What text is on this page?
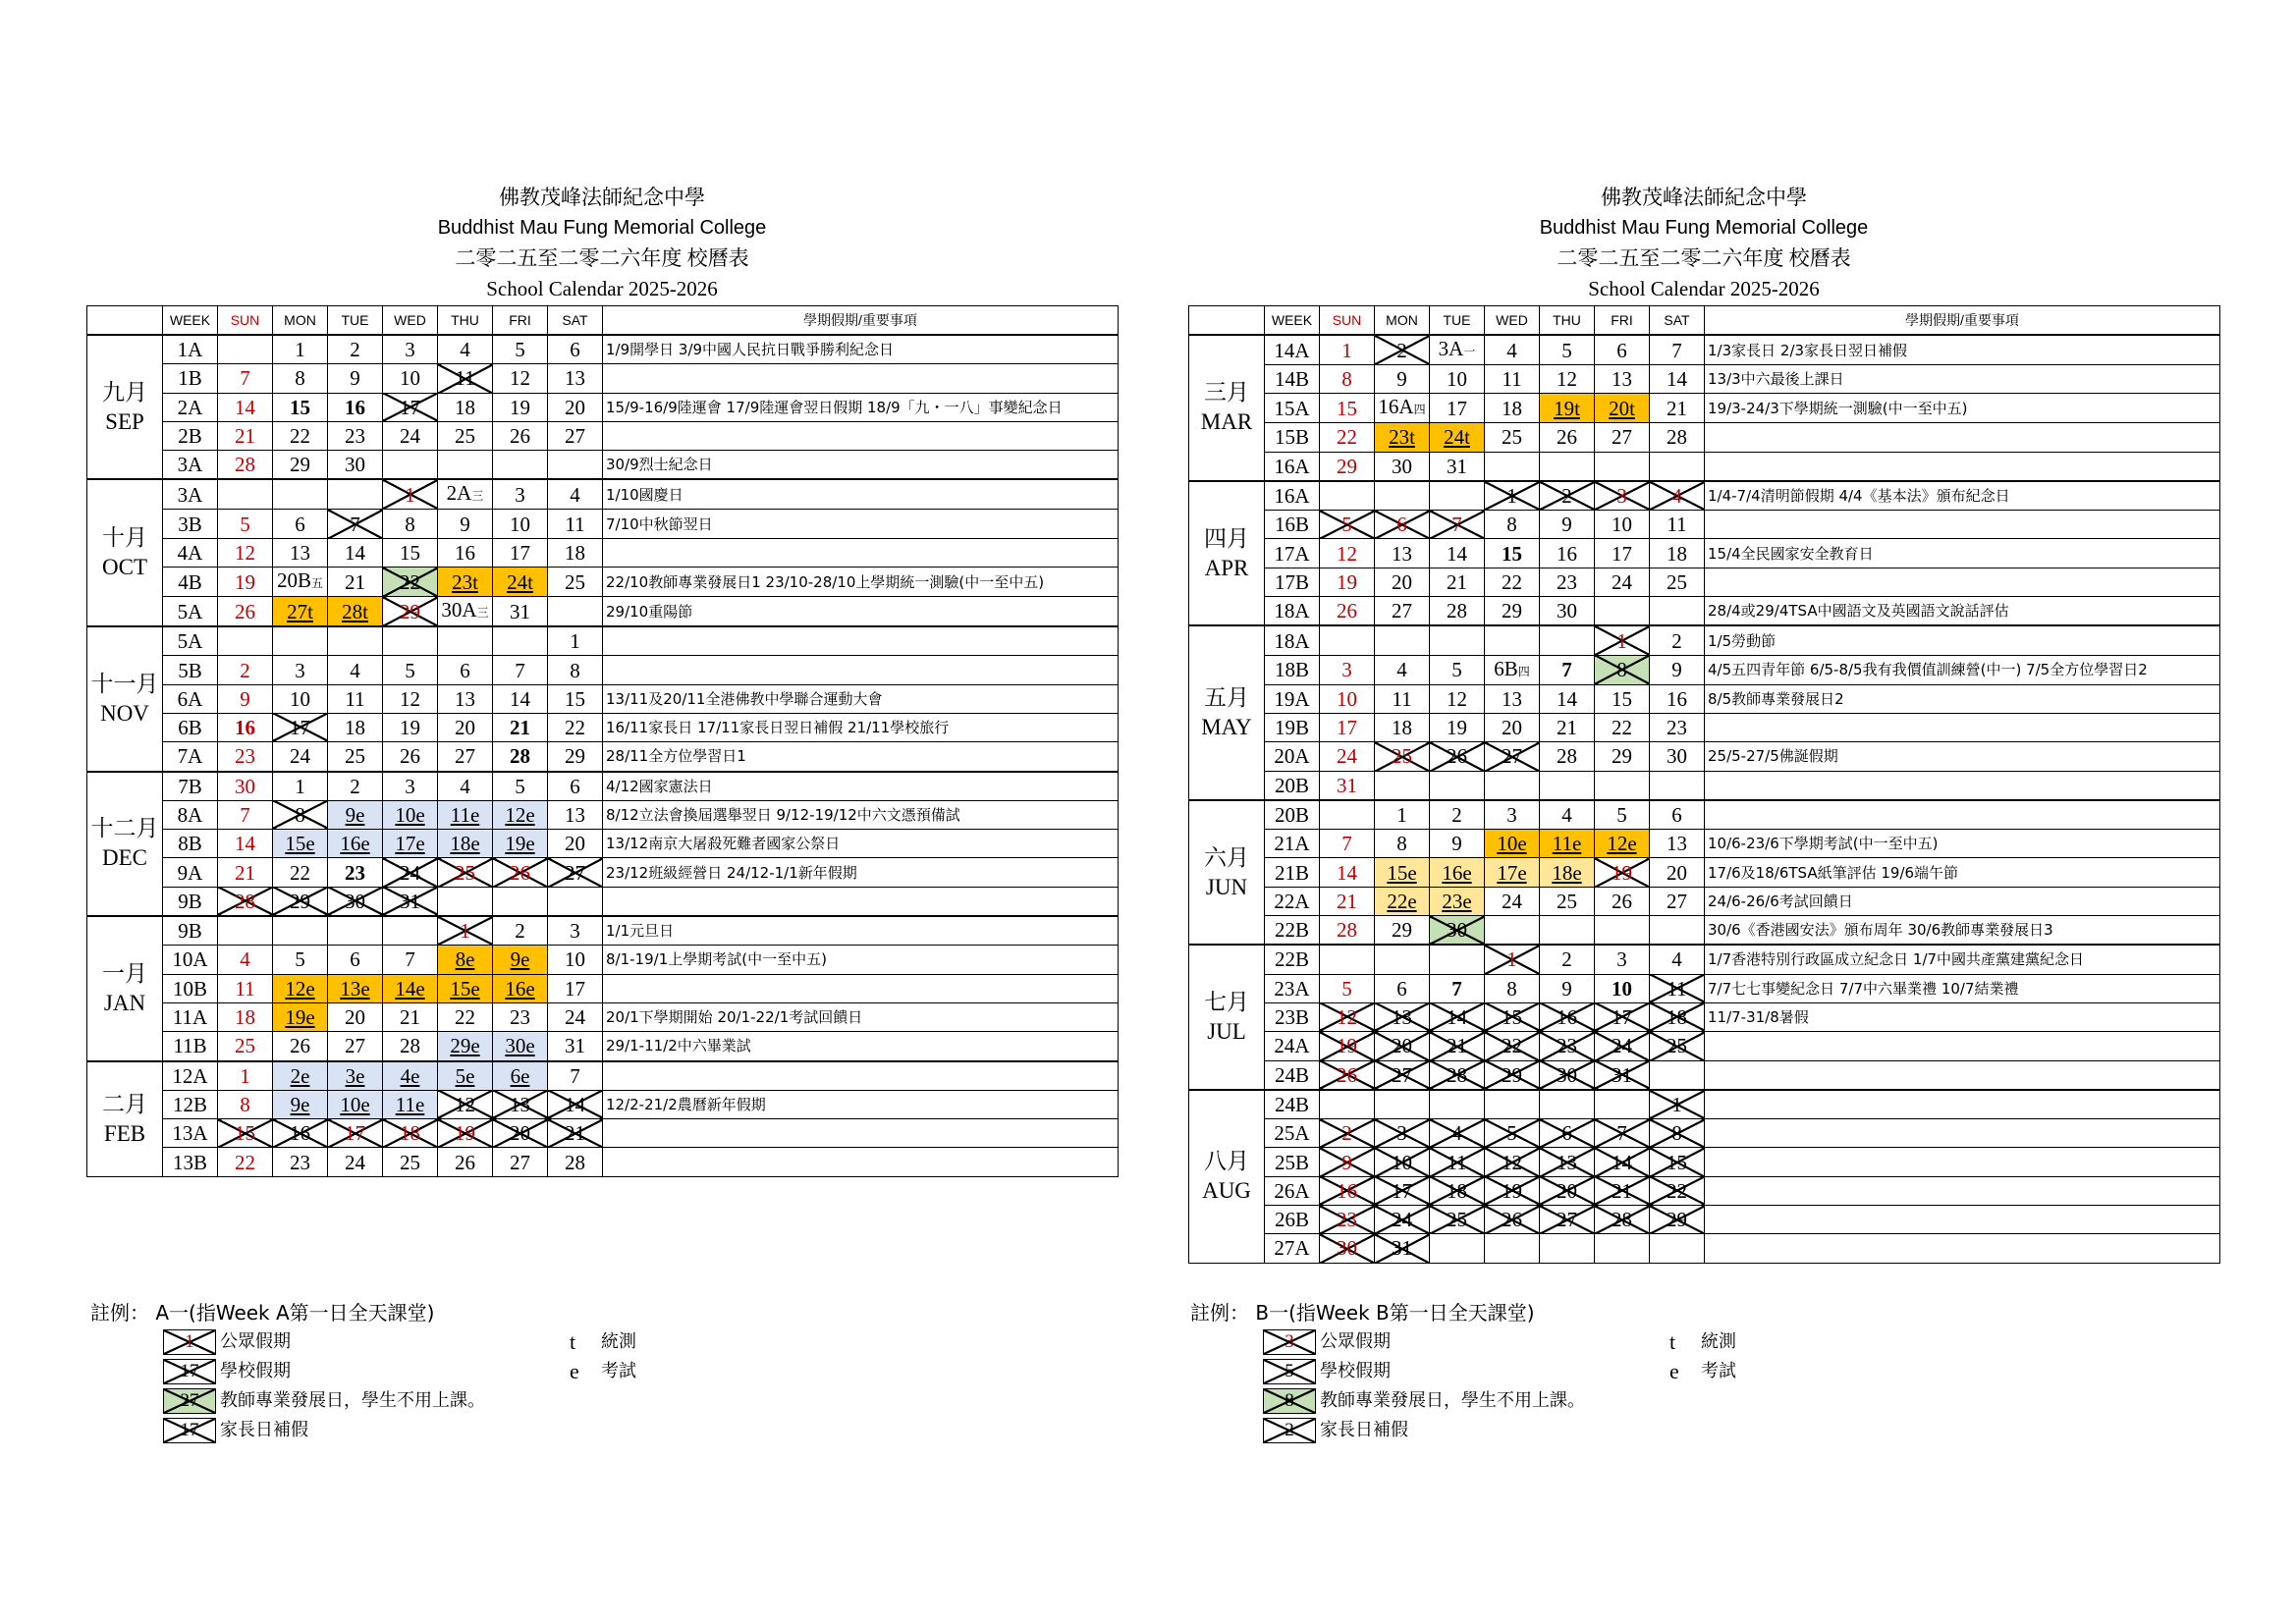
佛教茂峰法師紀念中學
Buddhist Mau Fung Memorial College
二零二五至二零二六年度 校曆表
School Calendar 2025-2026
	WEEK	SUN	MON	TUE	WED	THU	FRI	SAT	學期假期/重要事項

九月
SEP	1A		1	2	3	4	5	6	1/9開學日 3/9中國人民抗日戰爭勝利紀念日
	1B	7	8	9	10	11	12	13	
	2A	14	15	16	17	18	19	20	15/9-16/9陸運會 17/9陸運會翌日假期 18/9「九・一八」事變紀念日
	2B	21	22	23	24	25	26	27	
	3A	28	29	30					30/9烈士紀念日

十月
OCT	3A				1	2A三	3	4	1/10國慶日
	3B	5	6	7	8	9	10	11	7/10中秋節翌日
	4A	12	13	14	15	16	17	18	
	4B	19	20B五	21	22	23t	24t	25	22/10教師專業發展日1 23/10-28/10上學期統一測驗(中一至中五)
	5A	26	27t	28t	29	30A三	31		29/10重陽節

十一月
NOV	5A							1	
	5B	2	3	4	5	6	7	8	
	6A	9	10	11	12	13	14	15	13/11及20/11全港佛教中學聯合運動大會
	6B	16	17	18	19	20	21	22	16/11家長日 17/11家長日翌日補假 21/11學校旅行
	7A	23	24	25	26	27	28	29	28/11全方位學習日1

十二月
DEC	7B	30	1	2	3	4	5	6	4/12國家憲法日
	8A	7	8	9e	10e	11e	12e	13	8/12立法會換屆選舉翌日 9/12-19/12中六文憑預備試
	8B	14	15e	16e	17e	18e	19e	20	13/12南京大屠殺死難者國家公祭日
	9A	21	22	23	24	25	26	27	23/12班級經營日 24/12-1/1新年假期
	9B	28	29	30	31				

一月
JAN	9B					1	2	3	1/1元旦日
	10A	4	5	6	7	8e	9e	10	8/1-19/1上學期考試(中一至中五)
	10B	11	12e	13e	14e	15e	16e	17	
	11A	18	19e	20	21	22	23	24	20/1下學期開始 20/1-22/1考試回饋日
	11B	25	26	27	28	29e	30e	31	29/1-11/2中六畢業試

二月
FEB	12A	1	2e	3e	4e	5e	6e	7	
	12B	8	9e	10e	11e	12	13	14	12/2-21/2農曆新年假期
	13A	15	16	17	18	19	20	21	
	13B	22	23	24	25	26	27	28	
佛教茂峰法師紀念中學
Buddhist Mau Fung Memorial College
二零二五至二零二六年度 校曆表
School Calendar 2025-2026
	WEEK	SUN	MON	TUE	WED	THU	FRI	SAT	學期假期/重要事項

三月
MAR	14A	1	2	3A一	4	5	6	7	1/3家長日 2/3家長日翌日補假
	14B	8	9	10	11	12	13	14	13/3中六最後上課日
	15A	15	16A四	17	18	19t	20t	21	19/3-24/3下學期統一測驗(中一至中五)
	15B	22	23t	24t	25	26	27	28	
	16A	29	30	31					

四月
APR	16A				1	2	3	4	1/4-7/4清明節假期 4/4《基本法》頒布紀念日
	16B	5	6	7	8	9	10	11	
	17A	12	13	14	15	16	17	18	15/4全民國家安全教育日
	17B	19	20	21	22	23	24	25	
	18A	26	27	28	29	30			28/4或29/4TSA中國語文及英國語文說話評估

五月
MAY	18A						1	2	1/5勞動節
	18B	3	4	5	6B四	7	8	9	4/5五四青年節 6/5-8/5我有我價值訓練營(中一) 7/5全方位學習日2
	19A	10	11	12	13	14	15	16	8/5教師專業發展日2
	19B	17	18	19	20	21	22	23	
	20A	24	25	26	27	28	29	30	25/5-27/5佛誕假期
	20B	31							

六月
JUN	20B		1	2	3	4	5	6	
	21A	7	8	9	10e	11e	12e	13	10/6-23/6下學期考試(中一至中五)
	21B	14	15e	16e	17e	18e	19	20	17/6及18/6TSA紙筆評估 19/6端午節
	22A	21	22e	23e	24	25	26	27	24/6-26/6考試回饋日
	22B	28	29	30					30/6《香港國安法》頒布周年 30/6教師專業發展日3

七月
JUL	22B				1	2	3	4	1/7香港特別行政區成立紀念日 1/7中國共產黨建黨紀念日
	23A	5	6	7	8	9	10	11	7/7七七事變紀念日 7/7中六畢業禮 10/7結業禮
	23B	12	13	14	15	16	17	18	11/7-31/8暑假
	24A	19	20	21	22	23	24	25	
	24B	26	27	28	29	30	31		

八月
AUG	24B							1	
	25A	2	3	4	5	6	7	8	
	25B	9	10	11	12	13	14	15	
	26A	16	17	18	19	20	21	22	
	26B	23	24	25	26	27	28	29	
	27A	30	31						
註例： A一(指Week A第一日全天課堂)
1	公眾假期	t 統測
17	學校假期	e 考試
27	教師專業發展日，學生不用上課。
17	家長日補假
註例： B一(指Week B第一日全天課堂)
3	公眾假期	t 統測
5	學校假期	e 考試
8	教師專業發展日，學生不用上課。
2	家長日補假
